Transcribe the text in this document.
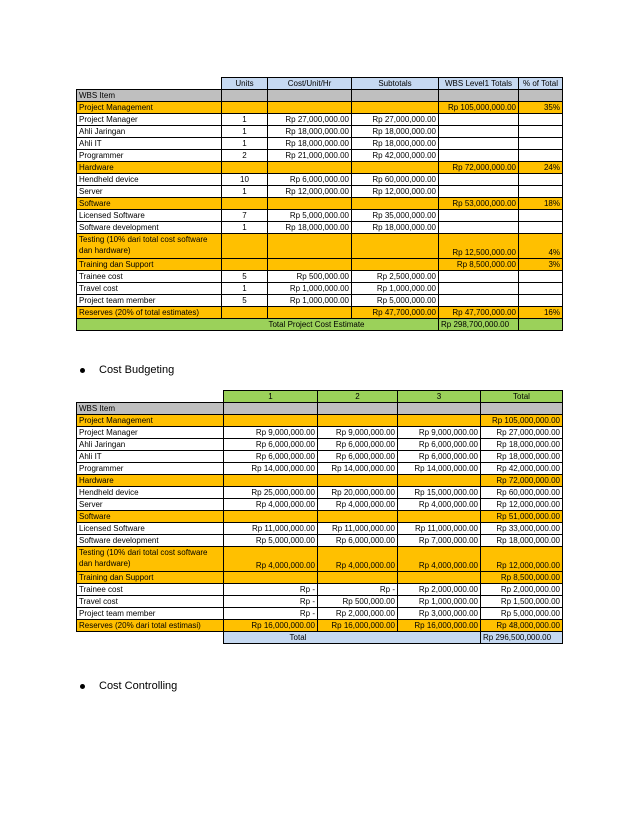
	Units	Cost/Unit/Hr	Subtotals	WBS Level1 Totals	% of Total
WBS Item					
Project Management				Rp 105,000,000.00	35%
Project Manager	1	Rp 27,000,000.00	Rp 27,000,000.00		
Ahli Jaringan	1	Rp 18,000,000.00	Rp 18,000,000.00		
Ahli IT	1	Rp 18,000,000.00	Rp 18,000,000.00		
Programmer	2	Rp 21,000,000.00	Rp 42,000,000.00		
Hardware				Rp 72,000,000.00	24%
Hendheld device	10	Rp 6,000,000.00	Rp 60,000,000.00		
Server	1	Rp 12,000,000.00	Rp 12,000,000.00		
Software				Rp 53,000,000.00	18%
Licensed Software	7	Rp 5,000,000.00	Rp 35,000,000.00		
Software development	1	Rp 18,000,000.00	Rp 18,000,000.00		
Testing (10% dari total cost software dan hardware)				Rp 12,500,000.00	4%
Training dan Support				Rp 8,500,000.00	3%
Trainee cost	5	Rp 500,000.00	Rp 2,500,000.00		
Travel cost	1	Rp 1,000,000.00	Rp 1,000,000.00		
Project team member	5	Rp 1,000,000.00	Rp 5,000,000.00		
Reserves (20% of total estimates)			Rp 47,700,000.00	Rp 47,700,000.00	16%
Total Project Cost Estimate				Rp 298,700,000.00	
Cost Budgeting
	1	2	3	Total
WBS Item				
Project Management				Rp 105,000,000.00
Project Manager	Rp 9,000,000.00	Rp 9,000,000.00	Rp 9,000,000.00	Rp 27,000,000.00
Ahli Jaringan	Rp 6,000,000.00	Rp 6,000,000.00	Rp 6,000,000.00	Rp 18,000,000.00
Ahli IT	Rp 6,000,000.00	Rp 6,000,000.00	Rp 6,000,000.00	Rp 18,000,000.00
Programmer	Rp 14,000,000.00	Rp 14,000,000.00	Rp 14,000,000.00	Rp 42,000,000.00
Hardware				Rp 72,000,000.00
Hendheld device	Rp 25,000,000.00	Rp 20,000,000.00	Rp 15,000,000.00	Rp 60,000,000.00
Server	Rp 4,000,000.00	Rp 4,000,000.00	Rp 4,000,000.00	Rp 12,000,000.00
Software				Rp 51,000,000.00
Licensed Software	Rp 11,000,000.00	Rp 11,000,000.00	Rp 11,000,000.00	Rp 33,000,000.00
Software development	Rp 5,000,000.00	Rp 6,000,000.00	Rp 7,000,000.00	Rp 18,000,000.00
Testing (10% dari total cost software dan hardware)	Rp 4,000,000.00	Rp 4,000,000.00	Rp 4,000,000.00	Rp 12,000,000.00
Training dan Support				Rp 8,500,000.00
Trainee cost	Rp -	Rp -	Rp 2,000,000.00	Rp 2,000,000.00
Travel cost	Rp -	Rp 500,000.00	Rp 1,000,000.00	Rp 1,500,000.00
Project team member	Rp -	Rp 2,000,000.00	Rp 3,000,000.00	Rp 5,000,000.00
Reserves (20% dari total estimasi)	Rp 16,000,000.00	Rp 16,000,000.00	Rp 16,000,000.00	Rp 48,000,000.00
	Total			Rp 296,500,000.00
Cost Controlling
